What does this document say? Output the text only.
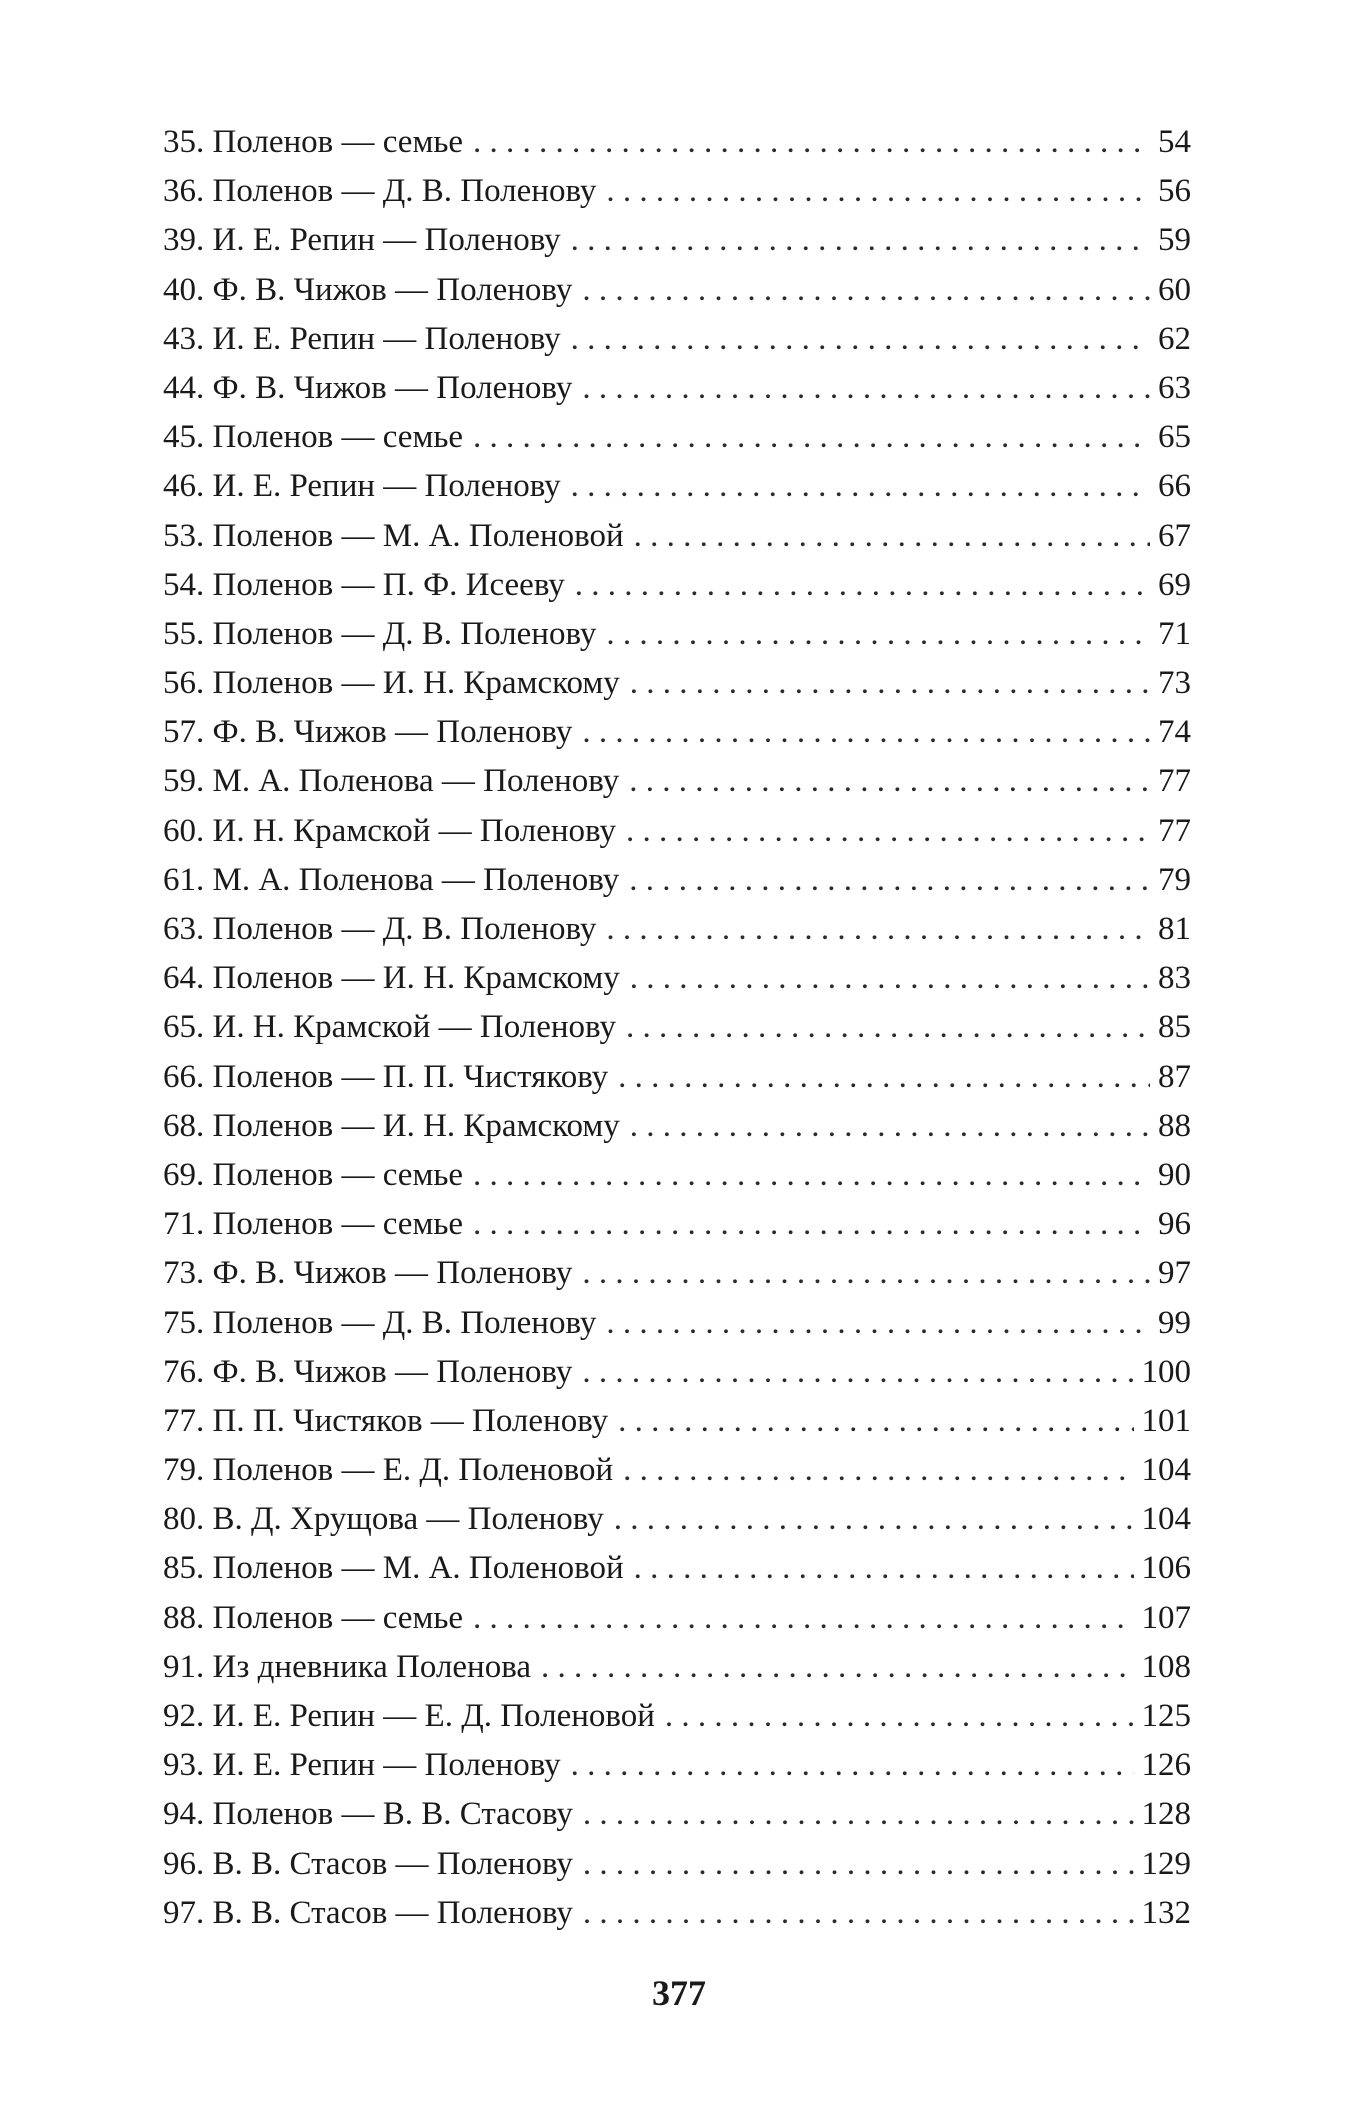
35. Поленов — семье . . .	54
36. Поленов — Д. В. Поленову . . .	56
39. И. Е. Репин — Поленову . . .	59
40. Ф. В. Чижов — Поленову . . .	60
43. И. Е. Репин — Поленову . . .	62
44. Ф. В. Чижов — Поленову . . .	63
45. Поленов — семье . . .	65
46. И. Е. Репин — Поленову . . .	66
53. Поленов — М. А. Поленовой . . .	67
54. Поленов — П. Ф. Исееву . . .	69
55. Поленов — Д. В. Поленову . . .	71
56. Поленов — И. Н. Крамскому . . .	73
57. Ф. В. Чижов — Поленову . . .	74
59. М. А. Поленова — Поленову . . .	77
60. И. Н. Крамской — Поленову . . .	77
61. М. А. Поленова — Поленову . . .	79
63. Поленов — Д. В. Поленову . . .	81
64. Поленов — И. Н. Крамскому . . .	83
65. И. Н. Крамской — Поленову . . .	85
66. Поленов — П. П. Чистякову . . .	87
68. Поленов — И. Н. Крамскому . . .	88
69. Поленов — семье . . .	90
71. Поленов — семье . . .	96
73. Ф. В. Чижов — Поленову . . .	97
75. Поленов — Д. В. Поленову . . .	99
76. Ф. В. Чижов — Поленову . . .	100
77. П. П. Чистяков — Поленову . . .	101
79. Поленов — Е. Д. Поленовой . . .	104
80. В. Д. Хрущова — Поленову . . .	104
85. Поленов — М. А. Поленовой . . .	106
88. Поленов — семье . . .	107
91. Из дневника Поленова . . .	108
92. И. Е. Репин — Е. Д. Поленовой . . .	125
93. И. Е. Репин — Поленову . . .	126
94. Поленов — В. В. Стасову . . .	128
96. В. В. Стасов — Поленову . . .	129
97. В. В. Стасов — Поленову . . .	132
377
